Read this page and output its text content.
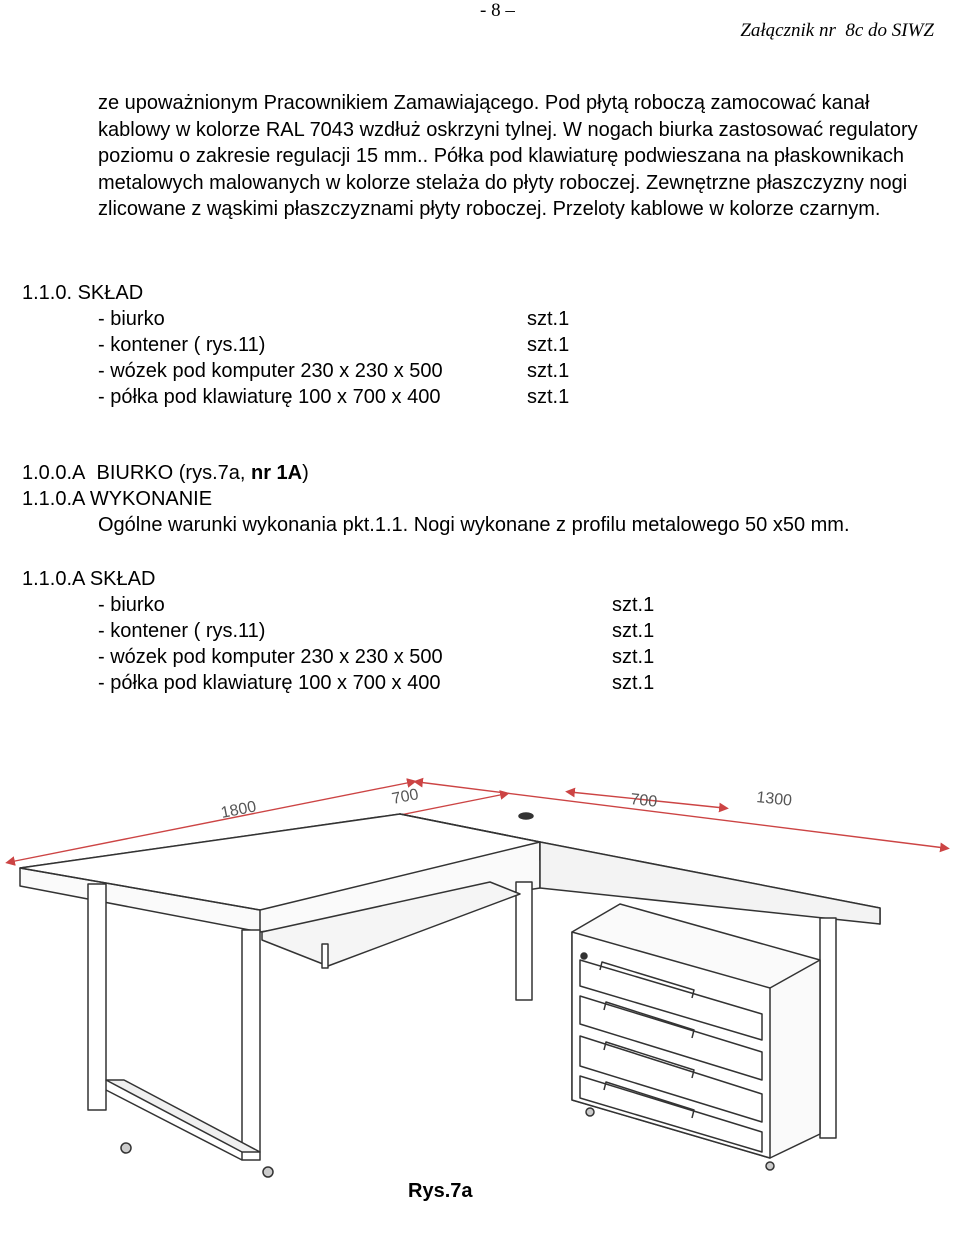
- 8 –
Załącznik nr 8c do SIWZ
ze upoważnionym Pracownikiem Zamawiającego. Pod płytą roboczą zamocować kanał kablowy w kolorze RAL 7043 wzdłuż oskrzyni tylnej. W nogach biurka zastosować regulatory poziomu o zakresie regulacji 15 mm.. Półka pod klawiaturę podwieszana na płaskownikach metalowych malowanych w kolorze stelaża do płyty roboczej. Zewnętrzne płaszczyzny nogi zlicowane z wąskimi płaszczyznami płyty roboczej. Przeloty kablowe w kolorze czarnym.
1.1.0. SKŁAD
- biurko	szt.1
- kontener ( rys.11)	szt.1
- wózek pod komputer 230 x 230 x 500	szt.1
- półka pod klawiaturę 100 x 700 x 400	szt.1
1.0.0.A BIURKO (rys.7a, nr 1A)
1.1.0.A WYKONANIE
Ogólne warunki wykonania pkt.1.1. Nogi wykonane z profilu metalowego 50 x50 mm.
1.1.0.A SKŁAD
- biurko	szt.1
- kontener ( rys.11)	szt.1
- wózek pod komputer 230 x 230 x 500	szt.1
- półka pod klawiaturę 100 x 700 x 400	szt.1
1800
700	700	1300
Rys.7a
